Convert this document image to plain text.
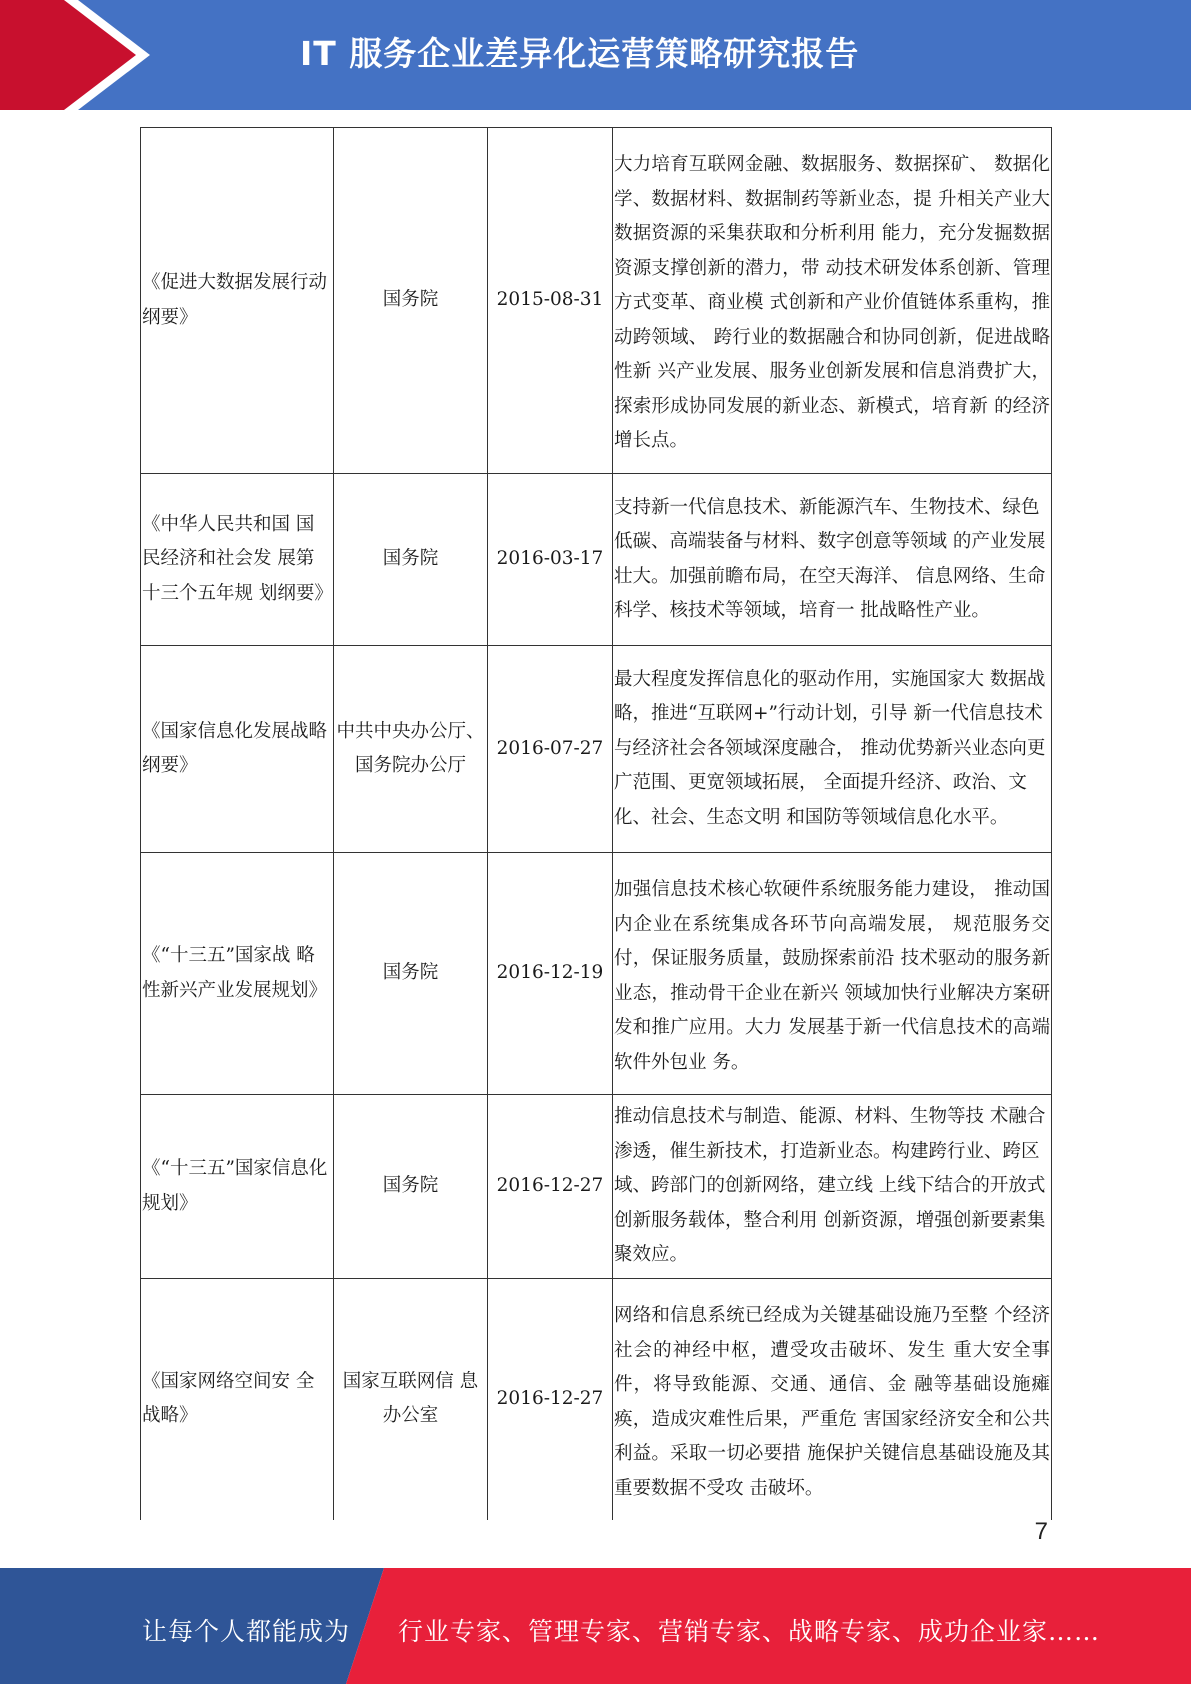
IT 服务企业差异化运营策略研究报告
《促进大数据发展行动纲要》	国务院	2015-08-31	大力培育互联网金融、数据服务、数据探矿、 数据化学、数据材料、数据制药等新业态，提 升相关产业大数据资源的采集获取和分析利用 能力，充分发掘数据资源支撑创新的潜力，带 动技术研发体系创新、管理方式变革、商业模 式创新和产业价值链体系重构，推动跨领域、 跨行业的数据融合和协同创新，促进战略性新 兴产业发展、服务业创新发展和信息消费扩大， 探索形成协同发展的新业态、新模式，培育新 的经济增长点。
《中华人民共和国 国民经济和社会发 展第十三个五年规 划纲要》	国务院	2016-03-17	支持新一代信息技术、新能源汽车、生物技术、绿色低碳、高端装备与材料、数字创意等领域 的产业发展壮大。加强前瞻布局，在空天海洋、 信息网络、生命科学、核技术等领域，培育一 批战略性产业。
《国家信息化发展战略纲要》	中共中央办公厅、国务院办公厅	2016-07-27	最大程度发挥信息化的驱动作用，实施国家大 数据战略，推进“互联网+”行动计划，引导 新一代信息技术与经济社会各领域深度融合， 推动优势新兴业态向更广范围、更宽领域拓展， 全面提升经济、政治、文化、社会、生态文明 和国防等领域信息化水平。
《“十三五”国家战 略性新兴产业发展规划》	国务院	2016-12-19	加强信息技术核心软硬件系统服务能力建设， 推动国内企业在系统集成各环节向高端发展， 规范服务交付，保证服务质量，鼓励探索前沿 技术驱动的服务新业态，推动骨干企业在新兴 领域加快行业解决方案研发和推广应用。大力 发展基于新一代信息技术的高端软件外包业 务。
《“十三五”国家信息化规划》	国务院	2016-12-27	推动信息技术与制造、能源、材料、生物等技 术融合渗透，催生新技术，打造新业态。构建跨行业、跨区域、跨部门的创新网络，建立线 上线下结合的开放式创新服务载体，整合利用 创新资源，增强创新要素集聚效应。
《国家网络空间安 全战略》	国家互联网信 息办公室	2016-12-27	网络和信息系统已经成为关键基础设施乃至整 个经济社会的神经中枢，遭受攻击破坏、发生 重大安全事件，将导致能源、交通、通信、金 融等基础设施瘫痪，造成灾难性后果，严重危 害国家经济安全和公共利益。采取一切必要措 施保护关键信息基础设施及其重要数据不受攻 击破坏。
7
让每个人都能成为 行业专家、管理专家、营销专家、战略专家、成功企业家……
